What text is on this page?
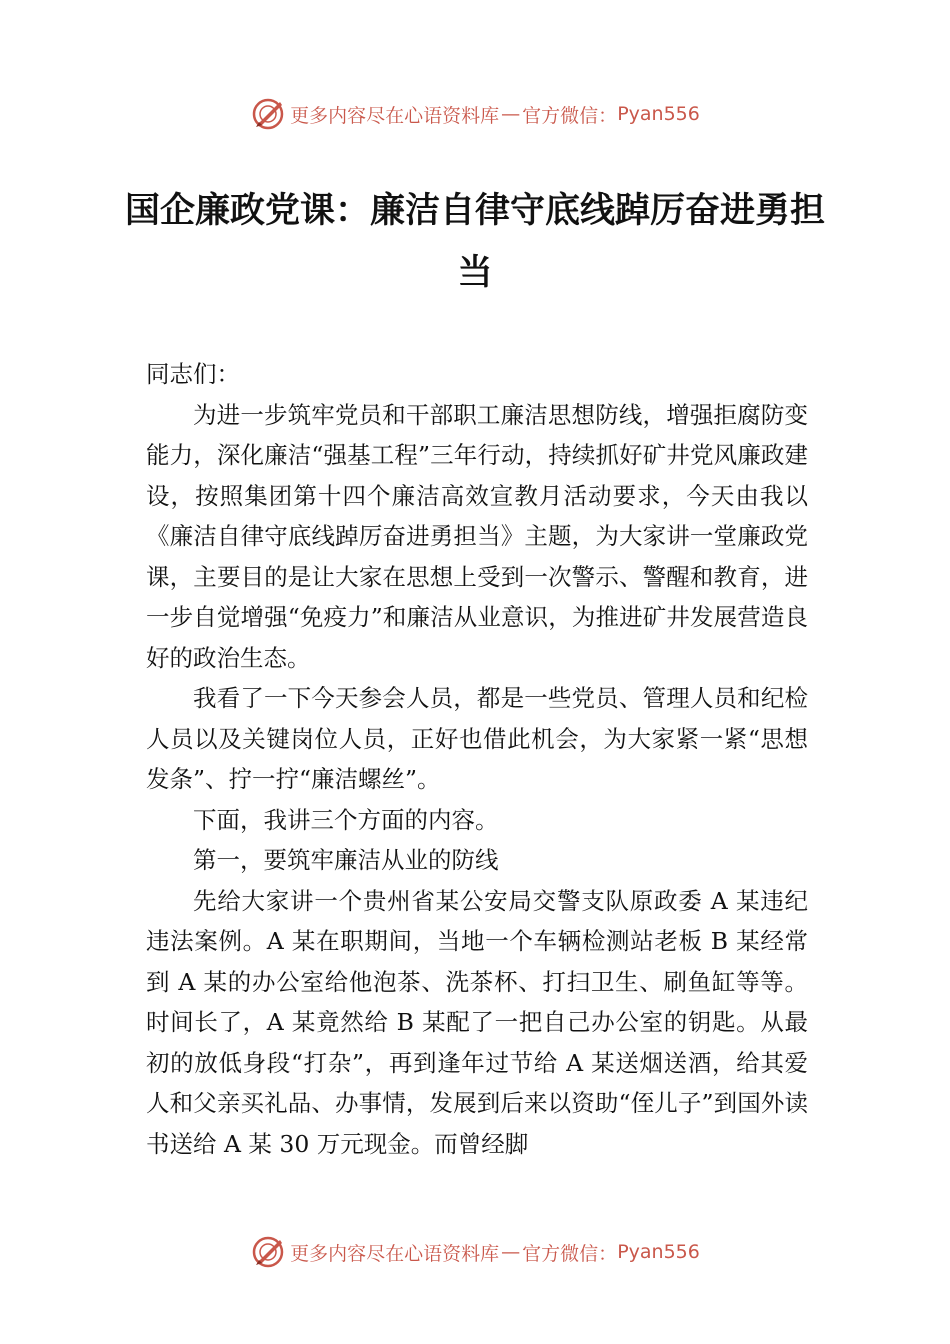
更多内容尽在心语资料库 — 官方微信： Pyan556
国企廉政党课：廉洁自律守底线踔厉奋进勇担当

同志们：

为进一步筑牢党员和干部职工廉洁思想防线，增强拒腐防变能力，深化廉洁“强基工程”三年行动，持续抓好矿井党风廉政建设，按照集团第十四个廉洁高效宣教月活动要求，今天由我以《廉洁自律守底线踔厉奋进勇担当》主题，为大家讲一堂廉政党课，主要目的是让大家在思想上受到一次警示、警醒和教育，进一步自觉增强“免疫力”和廉洁从业意识，为推进矿井发展营造良好的政治生态。

我看了一下今天参会人员，都是一些党员、管理人员和纪检人员以及关键岗位人员，正好也借此机会，为大家紧一紧“思想发条”、拧一拧“廉洁螺丝”。

下面，我讲三个方面的内容。

第一，要筑牢廉洁从业的防线

先给大家讲一个贵州省某公安局交警支队原政委 A 某违纪违法案例。A 某在职期间，当地一个车辆检测站老板 B 某经常到 A 某的办公室给他泡茶、洗茶杯、打扫卫生、刷鱼缸等等。时间长了，A 某竟然给 B 某配了一把自己办公室的钥匙。从最初的放低身段“打杂”，再到逢年过节给 A 某送烟送酒，给其爱人和父亲买礼品、办事情，发展到后来以资助“侄儿子”到国外读书送给 A 某 30 万元现金。而曾经脚

更多内容尽在心语资料库 — 官方微信： Pyan556
